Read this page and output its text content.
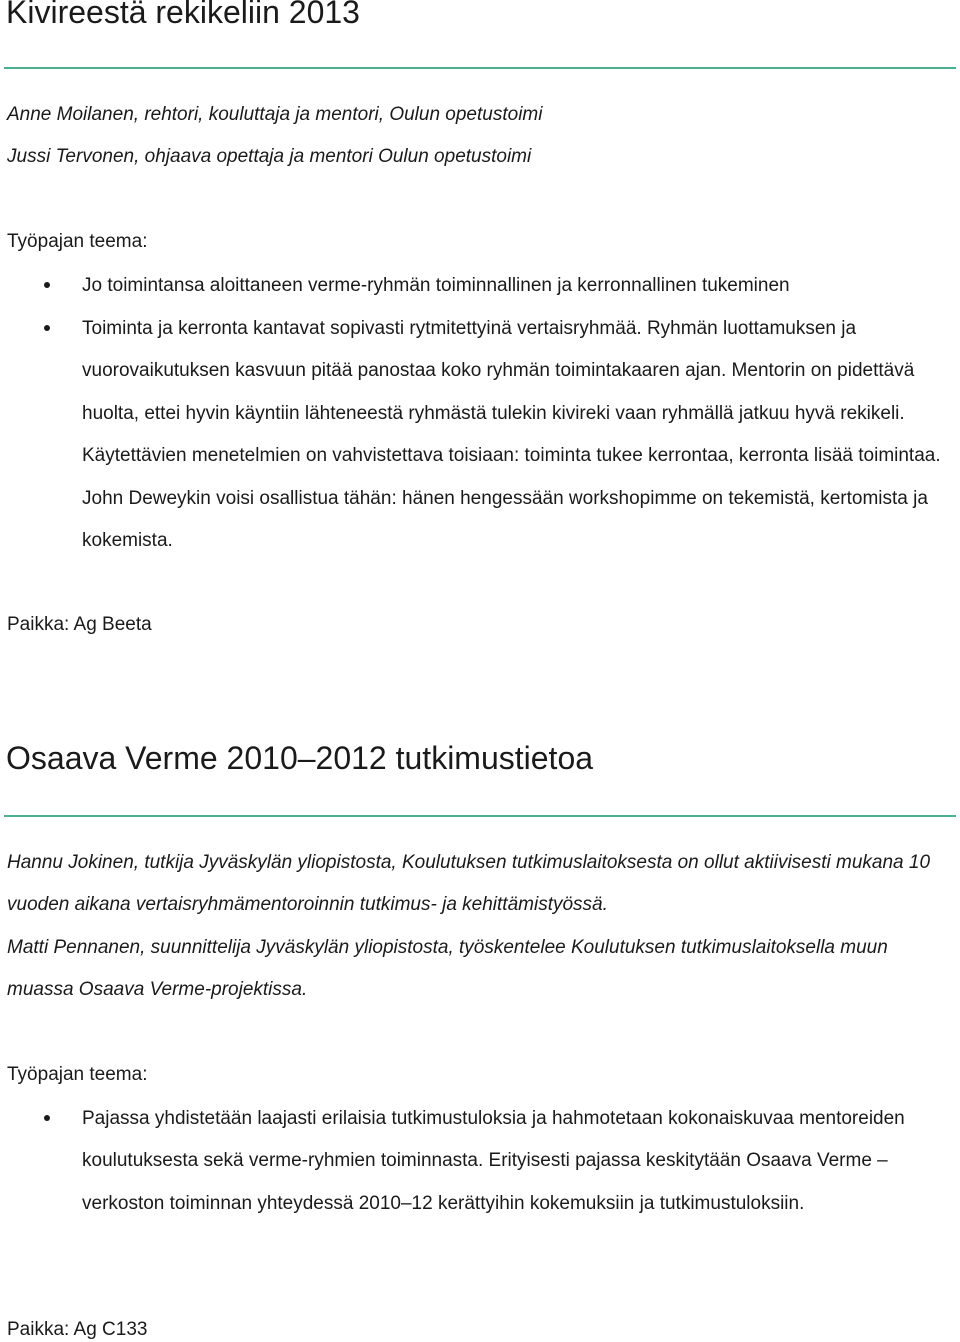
Kivireestä rekikeliin 2013

Anne Moilanen, rehtori, kouluttaja ja mentori, Oulun opetustoimi

Jussi Tervonen, ohjaava opettaja ja mentori Oulun opetustoimi

Työpajan teema:

Jo toimintansa aloittaneen verme-ryhmän toiminnallinen ja kerronnallinen tukeminen

Toiminta ja kerronta kantavat sopivasti rytmitettyinä vertaisryhmää. Ryhmän luottamuksen ja vuorovaikutuksen kasvuun pitää panostaa koko ryhmän toimintakaaren ajan. Mentorin on pidettävä huolta, ettei hyvin käyntiin lähteneestä ryhmästä tulekin kivireki vaan ryhmällä jatkuu hyvä rekikeli. Käytettävien menetelmien on vahvistettava toisiaan: toiminta tukee kerrontaa, kerronta lisää toimintaa. John Deweykin voisi osallistua tähän: hänen hengessään workshopimme on tekemistä, kertomista ja kokemista.

Paikka: Ag Beeta

Osaava Verme 2010–2012 tutkimustietoa

Hannu Jokinen, tutkija Jyväskylän yliopistosta, Koulutuksen tutkimuslaitoksesta on ollut aktiivisesti mukana 10 vuoden aikana vertaisryhmämentoroinnin tutkimus- ja kehittämistyössä.

Matti Pennanen, suunnittelija Jyväskylän yliopistosta, työskentelee Koulutuksen tutkimuslaitoksella muun muassa Osaava Verme-projektissa.

Työpajan teema:

Pajassa yhdistetään laajasti erilaisia tutkimustuloksia ja hahmotetaan kokonaiskuvaa mentoreiden koulutuksesta sekä verme-ryhmien toiminnasta. Erityisesti pajassa keskitytään Osaava Verme – verkoston toiminnan yhteydessä 2010–12 kerättyihin kokemuksiin ja tutkimustuloksiin.

Paikka: Ag C133
